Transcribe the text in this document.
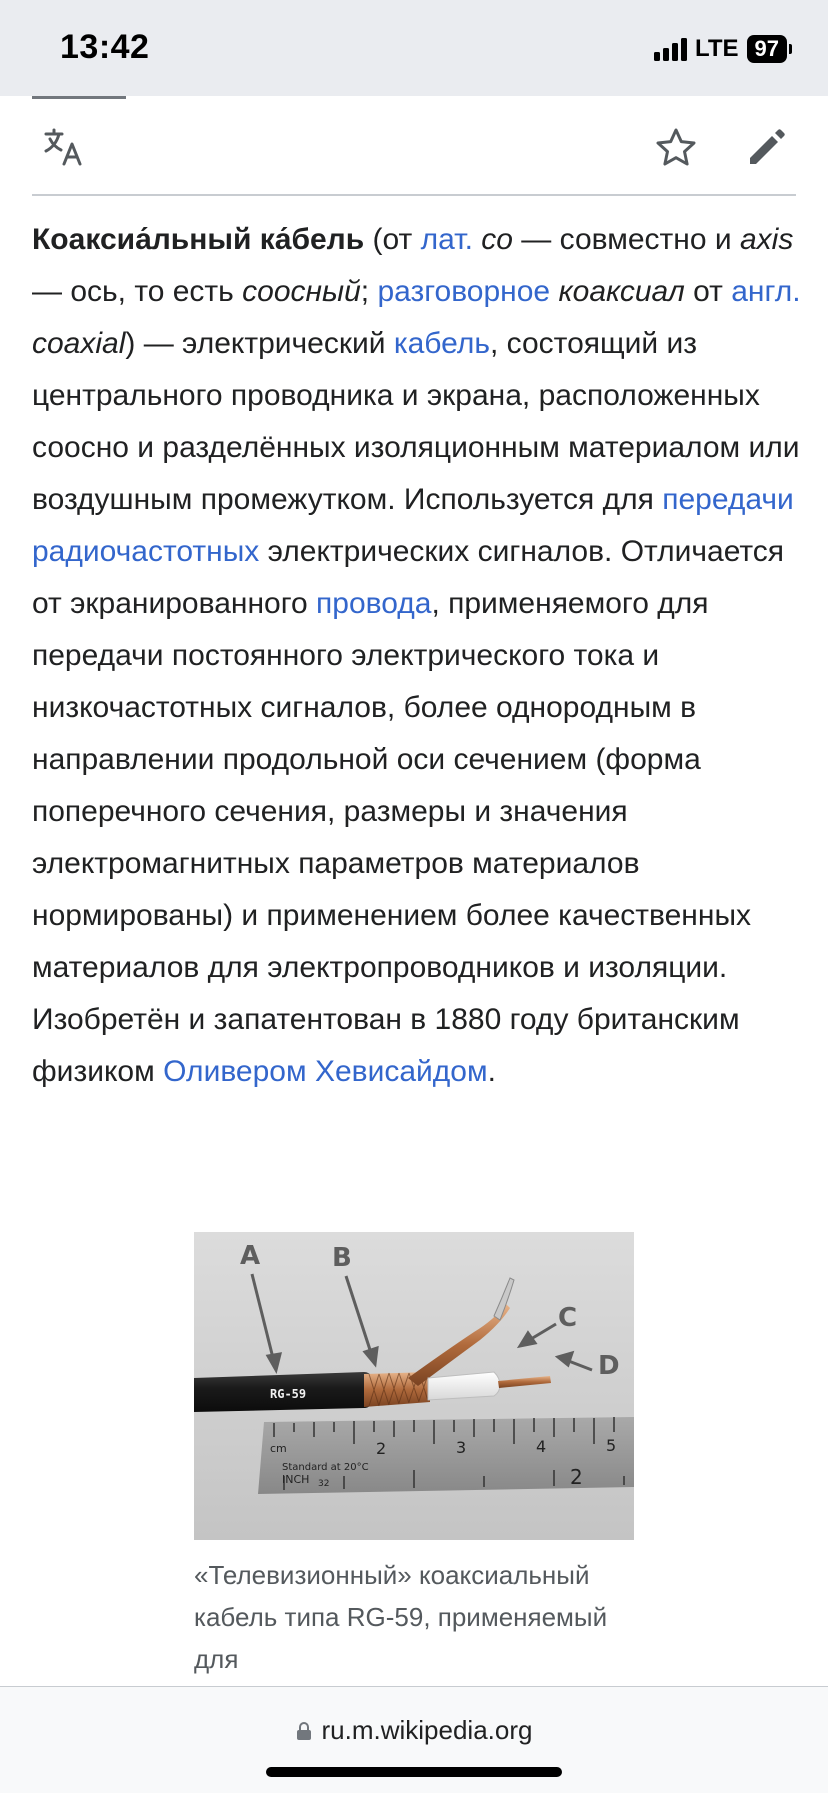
13:42	LTE 97

Коаксиа́льный ка́бель (от лат. co — совместно и axis — ось, то есть соосный; разговорное коаксиал от англ. coaxial) — электрический кабель, состоящий из центрального проводника и экрана, расположенных соосно и разделённых изоляционным материалом или воздушным промежутком. Используется для передачи радиочастотных электрических сигналов. Отличается от экранированного провода, применяемого для передачи постоянного электрического тока и низкочастотных сигналов, более однородным в направлении продольной оси сечением (форма поперечного сечения, размеры и значения электромагнитных параметров материалов нормированы) и применением более качественных материалов для электропроводников и изоляции. Изобретён и запатентован в 1880 году британским физиком Оливером Хевисайдом.

cm	2	3	4	5
Standard at 20°C
INCH 32	2
RG-59
A	B
C
D
«Телевизионный» коаксиальный кабель типа RG-59, применяемый для
ru.m.wikipedia.org
